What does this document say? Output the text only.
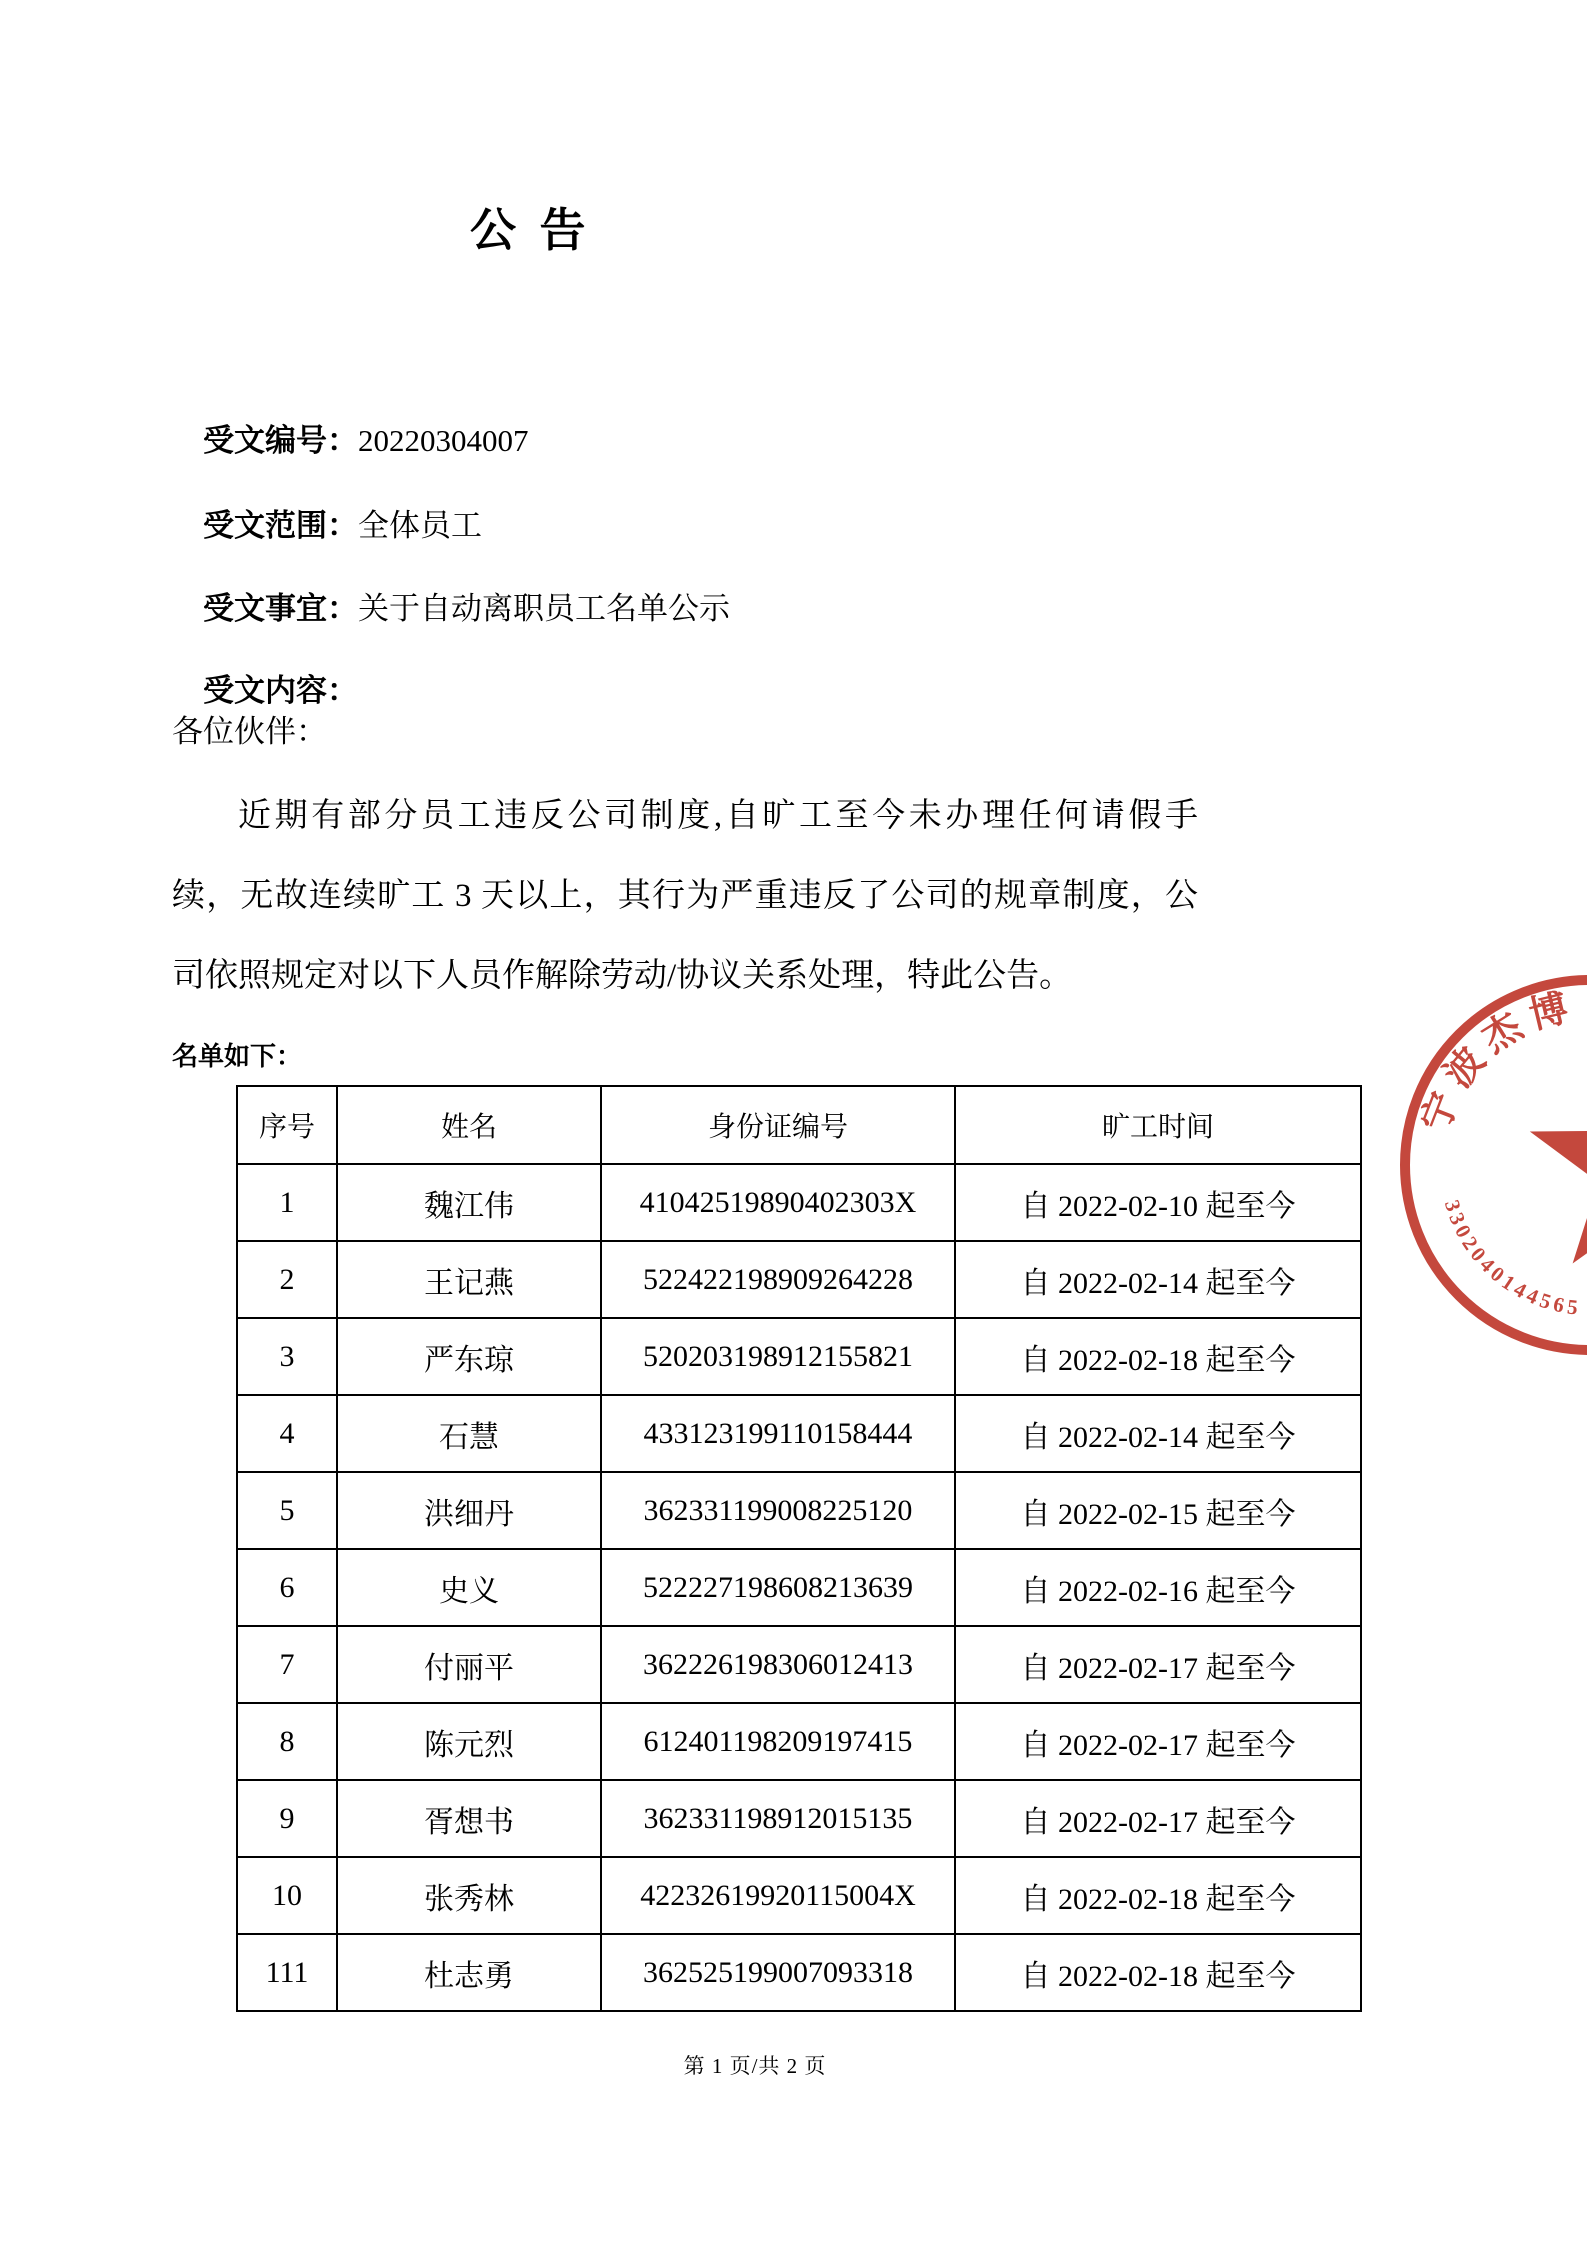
公 告

受文编号：20220304007

受文范围：全体员工

受文事宜：关于自动离职员工名单公示

受文内容：

各位伙伴：
近期有部分员工违反公司制度,自旷工至今未办理任何请假手
续，无故连续旷工 3 天以上，其行为严重违反了公司的规章制度，公
司依照规定对以下人员作解除劳动/协议关系处理，特此公告。
名单如下：
序号	姓名	身份证编号	旷工时间
1	魏江伟	41042519890402303X	自 2022-02-10 起至今
2	王记燕	522422198909264228	自 2022-02-14 起至今
3	严东琼	520203198912155821	自 2022-02-18 起至今
4	石慧	433123199110158444	自 2022-02-14 起至今
5	洪细丹	362331199008225120	自 2022-02-15 起至今
6	史义	522227198608213639	自 2022-02-16 起至今
7	付丽平	362226198306012413	自 2022-02-17 起至今
8	陈元烈	612401198209197415	自 2022-02-17 起至今
9	胥想书	362331198912015135	自 2022-02-17 起至今
10	张秀林	42232619920115004X	自 2022-02-18 起至今
111	杜志勇	362525199007093318	自 2022-02-18 起至今
宁波杰博
3302040144565
第 1 页/共 2 页
